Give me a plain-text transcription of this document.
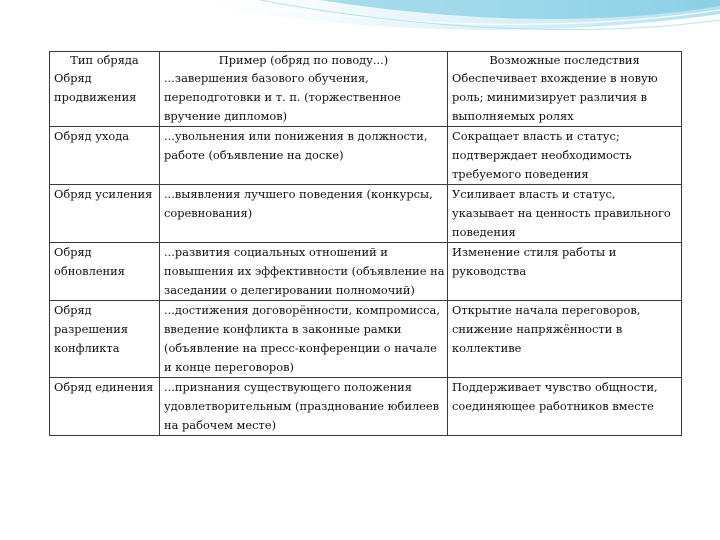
Тип обряда	Пример (обряд по поводу...)	Возможные последствия
Обряд продвижения	...завершения базового обучения, переподготовки и т. п. (торжественное вручение дипломов)	Обеспечивает вхождение в новую роль; минимизирует различия в выполняемых ролях
Обряд ухода	...увольнения или понижения в должности, работе (объявление на доске)	Сокращает власть и статус; подтверждает необходимость требуемого поведения
Обряд усиления	...выявления лучшего поведения (конкурсы, соревнования)	Усиливает власть и статус, указывает на ценность правильного поведения
Обряд обновления	...развития социальных отношений и повышения их эффективности (объявление на заседании о делегировании полномочий)	Изменение стиля работы и руководства
Обряд разрешения конфликта	...достижения договорённости, компромисса, введение конфликта в законные рамки (объявление на пресс-конференции о начале и конце переговоров)	Открытие начала переговоров, снижение напряжённости в коллективе
Обряд единения	...признания существующего положения удовлетворительным (празднование юбилеев на рабочем месте)	Поддерживает чувство общности, соединяющее работников вместе
